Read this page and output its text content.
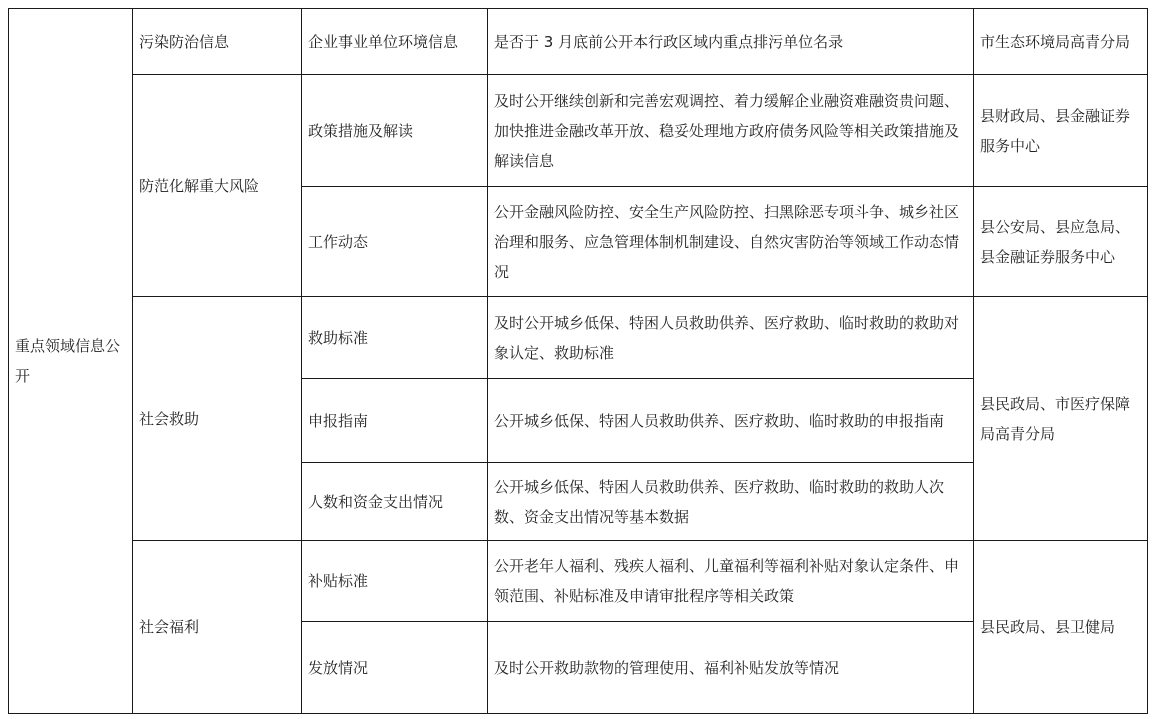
重点领域信息公开	污染防治信息	企业事业单位环境信息	是否于 3 月底前公开本行政区域内重点排污单位名录	市生态环境局高青分局
	防范化解重大风险	政策措施及解读	及时公开继续创新和完善宏观调控、着力缓解企业融资难融资贵问题、加快推进金融改革开放、稳妥处理地方政府债务风险等相关政策措施及解读信息	县财政局、县金融证券服务中心
		工作动态	公开金融风险防控、安全生产风险防控、扫黑除恶专项斗争、城乡社区治理和服务、应急管理体制机制建设、自然灾害防治等领域工作动态情况	县公安局、县应急局、县金融证券服务中心
	社会救助	救助标准	及时公开城乡低保、特困人员救助供养、医疗救助、临时救助的救助对象认定、救助标准	县民政局、市医疗保障局高青分局
		申报指南	公开城乡低保、特困人员救助供养、医疗救助、临时救助的申报指南	
		人数和资金支出情况	公开城乡低保、特困人员救助供养、医疗救助、临时救助的救助人次数、资金支出情况等基本数据	
	社会福利	补贴标准	公开老年人福利、残疾人福利、儿童福利等福利补贴对象认定条件、申领范围、补贴标准及申请审批程序等相关政策	县民政局、县卫健局
		发放情况	及时公开救助款物的管理使用、福利补贴发放等情况	
